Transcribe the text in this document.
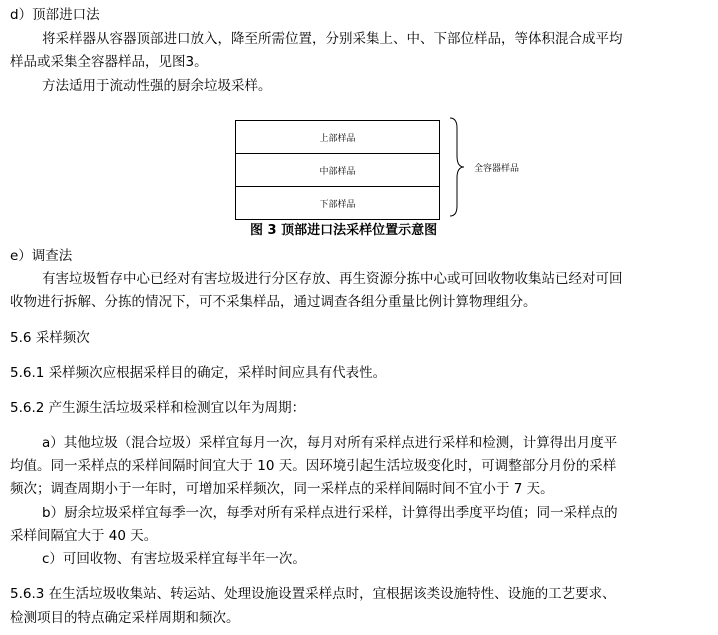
d）顶部进口法
将采样器从容器顶部进口放入，降至所需位置，分别采集上、中、下部位样品，等体积混合成平均
样品或采集全容器样品，见图3。
方法适用于流动性强的厨余垃圾采样。
上部样品
中部样品
下部样品
全容器样品
图 3 顶部进口法采样位置示意图
e）调查法
有害垃圾暂存中心已经对有害垃圾进行分区存放、再生资源分拣中心或可回收物收集站已经对可回
收物进行拆解、分拣的情况下，可不采集样品，通过调查各组分重量比例计算物理组分。
5.6 采样频次
5.6.1 采样频次应根据采样目的确定，采样时间应具有代表性。
5.6.2 产生源生活垃圾采样和检测宜以年为周期：
a）其他垃圾（混合垃圾）采样宜每月一次，每月对所有采样点进行采样和检测，计算得出月度平
均值。同一采样点的采样间隔时间宜大于 10 天。因环境引起生活垃圾变化时，可调整部分月份的采样
频次；调查周期小于一年时，可增加采样频次，同一采样点的采样间隔时间不宜小于 7 天。
b）厨余垃圾采样宜每季一次，每季对所有采样点进行采样，计算得出季度平均值；同一采样点的
采样间隔宜大于 40 天。
c）可回收物、有害垃圾采样宜每半年一次。
5.6.3 在生活垃圾收集站、转运站、处理设施设置采样点时，宜根据该类设施特性、设施的工艺要求、
检测项目的特点确定采样周期和频次。
